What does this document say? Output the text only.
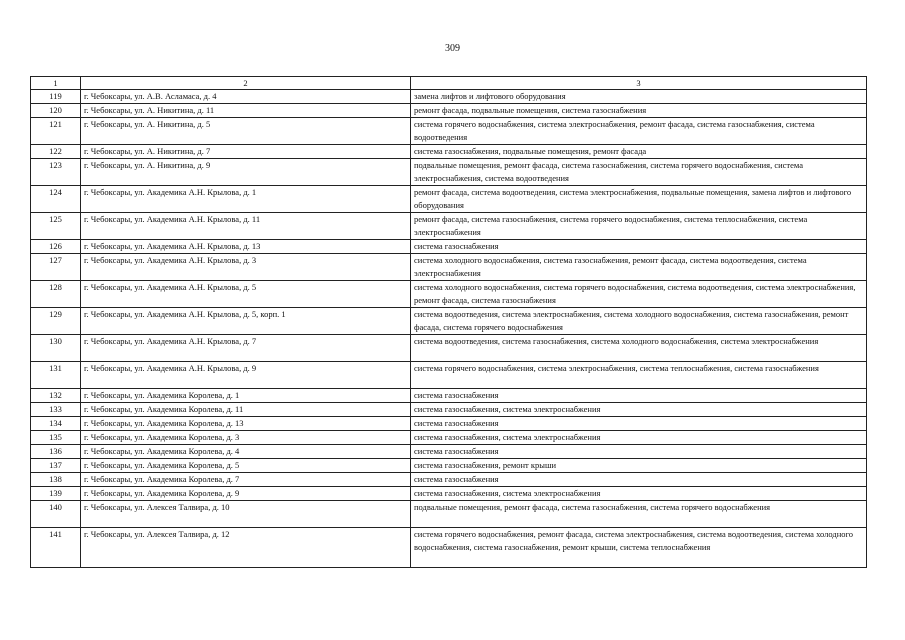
309
1	2	3
119	г. Чебоксары, ул. А.В. Асламаса, д. 4	замена лифтов и лифтового оборудования
120	г. Чебоксары, ул. А. Никитина, д. 11	ремонт фасада, подвальные помещения, система газоснабжения
121	г. Чебоксары, ул. А. Никитина, д. 5	система горячего водоснабжения, система электроснабжения, ремонт фасада, система газоснабжения, система водоотведения
122	г. Чебоксары, ул. А. Никитина, д. 7	система газоснабжения, подвальные помещения, ремонт фасада
123	г. Чебоксары, ул. А. Никитина, д. 9	подвальные помещения, ремонт фасада, система газоснабжения, система горячего водоснабжения, система электроснабжения, система водоотведения
124	г. Чебоксары, ул. Академика А.Н. Крылова, д. 1	ремонт фасада, система водоотведения, система электроснабжения, подвальные помещения, замена лифтов и лифтового оборудования
125	г. Чебоксары, ул. Академика А.Н. Крылова, д. 11	ремонт фасада, система газоснабжения, система горячего водоснабжения, система теплоснабжения, система электроснабжения
126	г. Чебоксары, ул. Академика А.Н. Крылова, д. 13	система газоснабжения
127	г. Чебоксары, ул. Академика А.Н. Крылова, д. 3	система холодного водоснабжения, система газоснабжения, ремонт фасада, система водоотведения, система электроснабжения
128	г. Чебоксары, ул. Академика А.Н. Крылова, д. 5	система холодного водоснабжения, система горячего водоснабжения, система водоотведения, система электроснабжения, ремонт фасада, система газоснабжения
129	г. Чебоксары, ул. Академика А.Н. Крылова, д. 5, корп. 1	система водоотведения, система электроснабжения, система холодного водоснабжения, система газоснабжения, ремонт фасада, система горячего водоснабжения
130	г. Чебоксары, ул. Академика А.Н. Крылова, д. 7	система водоотведения, система газоснабжения, система холодного водоснабжения, система электроснабжения
131	г. Чебоксары, ул. Академика А.Н. Крылова, д. 9	система горячего водоснабжения, система электроснабжения, система теплоснабжения, система газоснабжения
132	г. Чебоксары, ул. Академика Королева, д. 1	система газоснабжения
133	г. Чебоксары, ул. Академика Королева, д. 11	система газоснабжения, система электроснабжения
134	г. Чебоксары, ул. Академика Королева, д. 13	система газоснабжения
135	г. Чебоксары, ул. Академика Королева, д. 3	система газоснабжения, система электроснабжения
136	г. Чебоксары, ул. Академика Королева, д. 4	система газоснабжения
137	г. Чебоксары, ул. Академика Королева, д. 5	система газоснабжения, ремонт крыши
138	г. Чебоксары, ул. Академика Королева, д. 7	система газоснабжения
139	г. Чебоксары, ул. Академика Королева, д. 9	система газоснабжения, система электроснабжения
140	г. Чебоксары, ул. Алексея Талвира, д. 10	подвальные помещения, ремонт фасада, система газоснабжения, система горячего водоснабжения
141	г. Чебоксары, ул. Алексея Талвира, д. 12	система горячего водоснабжения, ремонт фасада, система электроснабжения, система водоотведения, система холодного водоснабжения, система газоснабжения, ремонт крыши, система теплоснабжения
